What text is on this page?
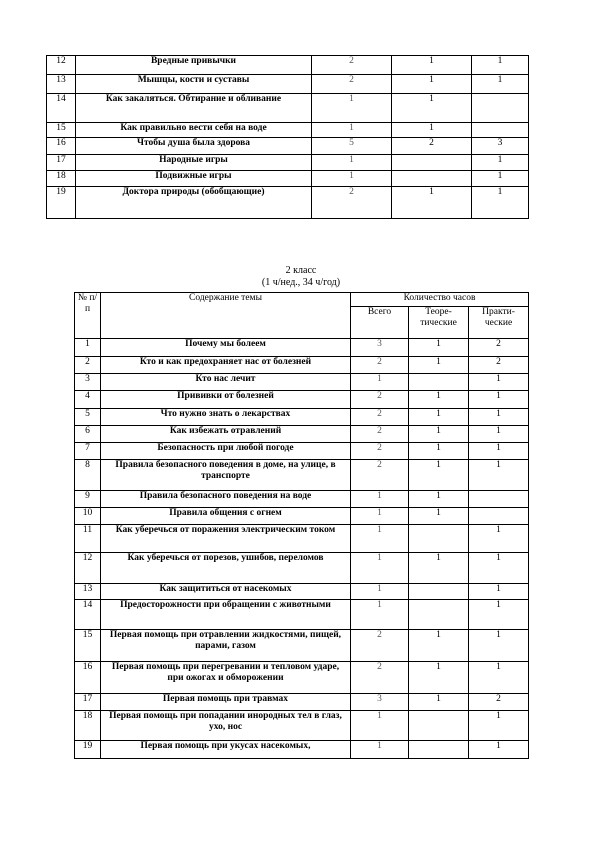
12	Вредные привычки	2	1	1
13	Мышцы, кости и суставы	2	1	1
14	Как закаляться. Обтирание и обливание	1	1	
15	Как правильно вести себя на воде	1	1	
16	Чтобы душа была здорова	5	2	3
17	Народные игры	1		1
18	Подвижные игры	1		1
19	Доктора природы (обобщающие)	2	1	1
2 класс
(1 ч/нед., 34 ч/год)
№ п/п	Содержание темы	Количество часов		
		Всего	Теоре-тические	Практи-ческие
1	Почему мы болеем	3	1	2
2	Кто и как предохраняет нас от болезней	2	1	2
3	Кто нас лечит	1		1
4	Прививки от болезней	2	1	1
5	Что нужно знать о лекарствах	2	1	1
6	Как избежать отравлений	2	1	1
7	Безопасность при любой погоде	2	1	1
8	Правила безопасного поведения в доме, на улице, в транспорте	2	1	1
9	Правила безопасного поведения на воде	1	1	
10	Правила общения с огнем	1	1	
11	Как уберечься от поражения электрическим током	1		1
12	Как уберечься от порезов, ушибов, переломов	1	1	1
13	Как защититься от насекомых	1		1
14	Предосторожности при обращении с животными	1		1
15	Первая помощь при отравлении жидкостями, пищей, парами, газом	2	1	1
16	Первая помощь при перегревании и тепловом ударе, при ожогах и обморожении	2	1	1
17	Первая помощь при травмах	3	1	2
18	Первая помощь при попадании инородных тел в глаз, ухо, нос	1		1
19	Первая помощь при укусах насекомых,	1		1
